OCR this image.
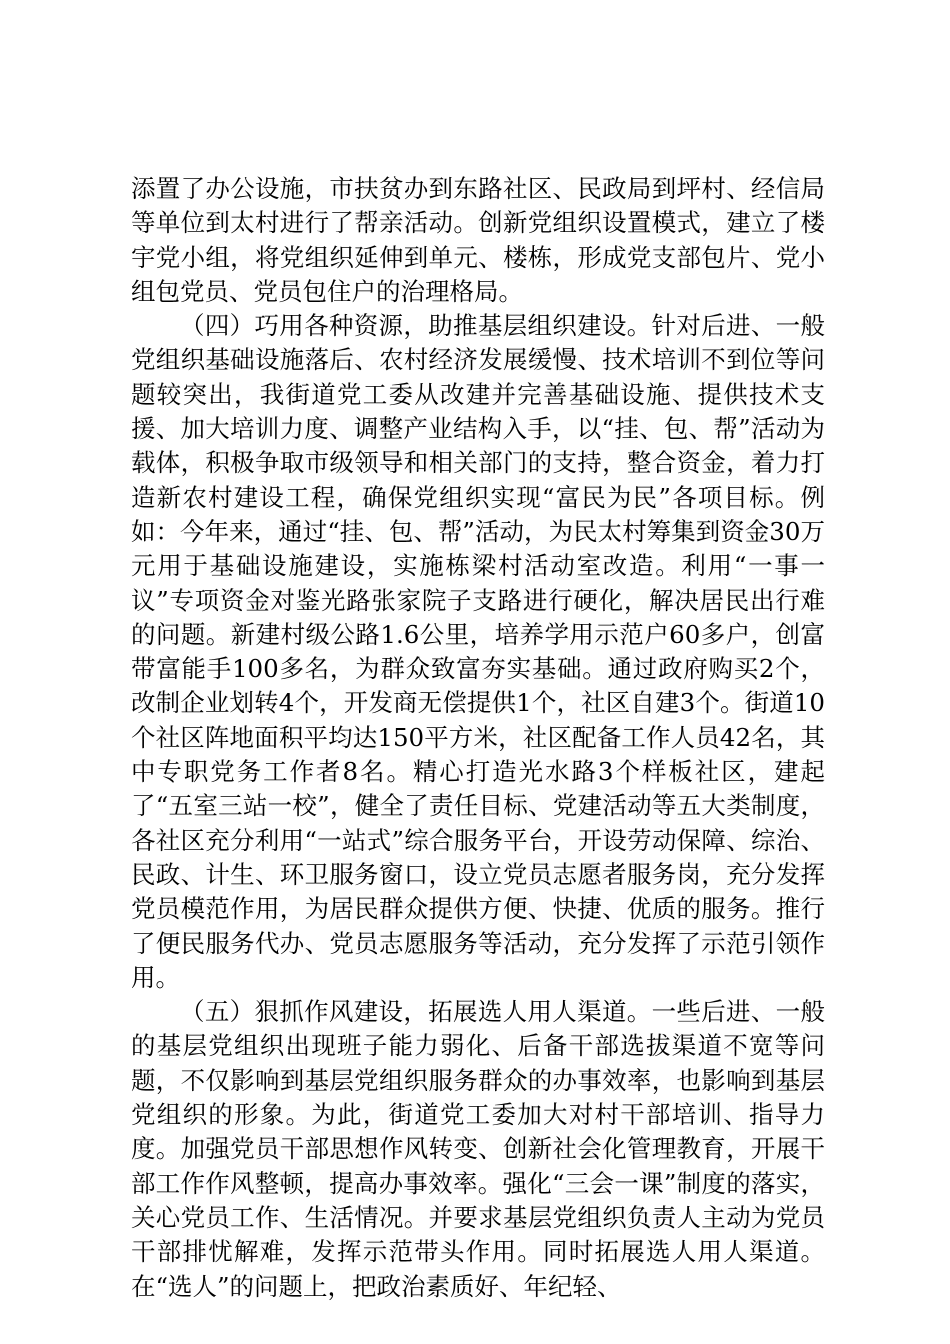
添置了办公设施，市扶贫办到东路社区、民政局到坪村、经信局等单位到太村进行了帮亲活动。创新党组织设置模式，建立了楼宇党小组，将党组织延伸到单元、楼栋，形成党支部包片、党小组包党员、党员包住户的治理格局。

（四）巧用各种资源，助推基层组织建设。针对后进、一般党组织基础设施落后、农村经济发展缓慢、技术培训不到位等问题较突出，我街道党工委从改建并完善基础设施、提供技术支援、加大培训力度、调整产业结构入手，以“挂、包、帮”活动为载体，积极争取市级领导和相关部门的支持，整合资金，着力打造新农村建设工程，确保党组织实现“富民为民”各项目标。例如：今年来，通过“挂、包、帮”活动，为民太村筹集到资金30万元用于基础设施建设，实施栋梁村活动室改造。利用“一事一议”专项资金对鉴光路张家院子支路进行硬化，解决居民出行难的问题。新建村级公路1.6公里，培养学用示范户60多户，创富带富能手100多名，为群众致富夯实基础。通过政府购买2个，改制企业划转4个，开发商无偿提供1个，社区自建3个。街道10个社区阵地面积平均达150平方米，社区配备工作人员42名，其中专职党务工作者8名。精心打造光水路3个样板社区，建起了“五室三站一校”，健全了责任目标、党建活动等五大类制度，各社区充分利用“一站式”综合服务平台，开设劳动保障、综治、民政、计生、环卫服务窗口，设立党员志愿者服务岗，充分发挥党员模范作用，为居民群众提供方便、快捷、优质的服务。推行了便民服务代办、党员志愿服务等活动，充分发挥了示范引领作用。

（五）狠抓作风建设，拓展选人用人渠道。一些后进、一般的基层党组织出现班子能力弱化、后备干部选拔渠道不宽等问题，不仅影响到基层党组织服务群众的办事效率，也影响到基层党组织的形象。为此，街道党工委加大对村干部培训、指导力度。加强党员干部思想作风转变、创新社会化管理教育，开展干部工作作风整顿，提高办事效率。强化“三会一课”制度的落实，关心党员工作、生活情况。并要求基层党组织负责人主动为党员干部排忧解难，发挥示范带头作用。同时拓展选人用人渠道。在“选人”的问题上，把政治素质好、年纪轻、
